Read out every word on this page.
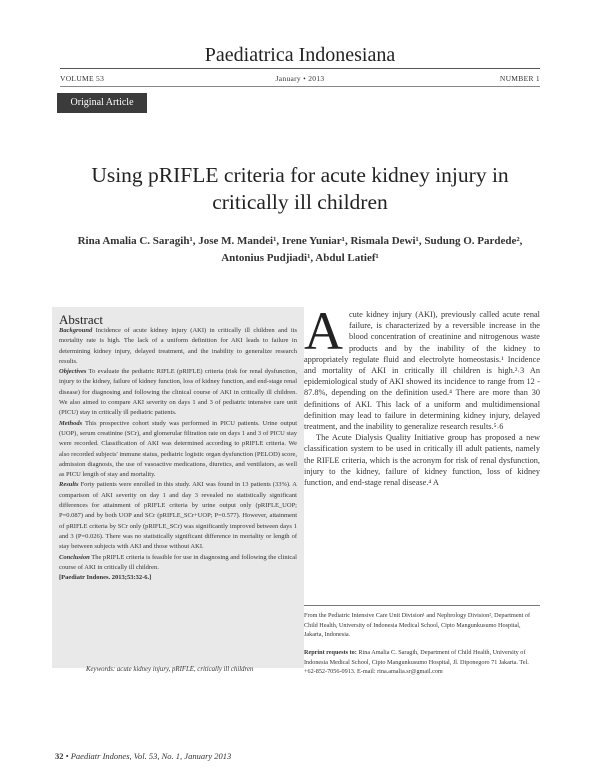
Paediatrica Indonesiana
VOLUME 53	January • 2013	NUMBER 1
Original Article
Using pRIFLE criteria for acute kidney injury in
critically ill children
Rina Amalia C. Saragih¹, Jose M. Mandei¹, Irene Yuniar¹, Rismala Dewi¹, Sudung O. Pardede²,
Antonius Pudjiadi¹, Abdul Latief¹
Abstract
Background Incidence of acute kidney injury (AKI) in critically ill children and its mortality rate is high. The lack of a uniform definition for AKI leads to failure in determining kidney injury, delayed treatment, and the inability to generalize research results.
Objectives To evaluate the pediatric RIFLE (pRIFLE) criteria (risk for renal dysfunction, injury to the kidney, failure of kidney function, loss of kidney function, and end-stage renal disease) for diagnosing and following the clinical course of AKI in critically ill children. We also aimed to compare AKI severity on days 1 and 3 of pediatric intensive care unit (PICU) stay in critically ill pediatric patients.
Methods This prospective cohort study was performed in PICU patients. Urine output (UOP), serum creatinine (SCr), and glomerular filtration rate on days 1 and 3 of PICU stay were recorded. Classification of AKI was determined according to pRIFLE criteria. We also recorded subjects' immune status, pediatric logistic organ dysfunction (PELOD) score, admission diagnosis, the use of vasoactive medications, diuretics, and ventilators, as well as PICU length of stay and mortality.
Results Forty patients were enrolled in this study. AKI was found in 13 patients (33%). A comparison of AKI severity on day 1 and day 3 revealed no statistically significant differences for attainment of pRIFLE criteria by urine output only (pRIFLE_UOP; P=0.087) and by both UOP and SCr (pRIFLE_SCr+UOP; P=0.577). However, attainment of pRIFLE criteria by SCr only (pRIFLE_SCr) was significantly improved between days 1 and 3 (P=0.026). There was no statistically significant difference in mortality or length of stay between subjects with AKI and those without AKI.
Conclusion The pRIFLE criteria is feasible for use in diagnosing and following the clinical course of AKI in critically ill children.
[Paediatr Indones. 2013;53:32-6.]
Keywords: acute kidney injury, pRIFLE, critically ill children
A cute kidney injury (AKI), previously called acute renal failure, is characterized by a reversible increase in the blood concentration of creatinine and nitrogenous waste products and by the inability of the kidney to appropriately regulate fluid and electrolyte homeostasis.¹ Incidence and mortality of AKI in critically ill children is high.²˒3 An epidemiological study of AKI showed its incidence to range from 12 - 87.8%, depending on the definition used.⁴ There are more than 30 definitions of AKI. This lack of a uniform and multidimensional definition may lead to failure in determining kidney injury, delayed treatment, and the inability to generalize research results.⁵˒6
The Acute Dialysis Quality Initiative group has proposed a new classification system to be used in critically ill adult patients, namely the RIFLE criteria, which is the acronym for risk of renal dysfunction, injury to the kidney, failure of kidney function, loss of kidney function, and end-stage renal disease.⁴ A
From the Pediatric Intensive Care Unit Division¹ and Nephrology Division², Department of Child Health, University of Indonesia Medical School, Cipto Mangunkusumo Hospital, Jakarta, Indonesia.
Reprint requests to: Rina Amalia C. Saragih, Department of Child Health, University of Indonesia Medical School, Cipto Mangunkusumo Hospital, Jl. Diponegoro 71 Jakarta. Tel. +62-852-7056-0913. E-mail: rina.amalia.sr@gmail.com
32 • Paediatr Indones, Vol. 53, No. 1, January 2013
